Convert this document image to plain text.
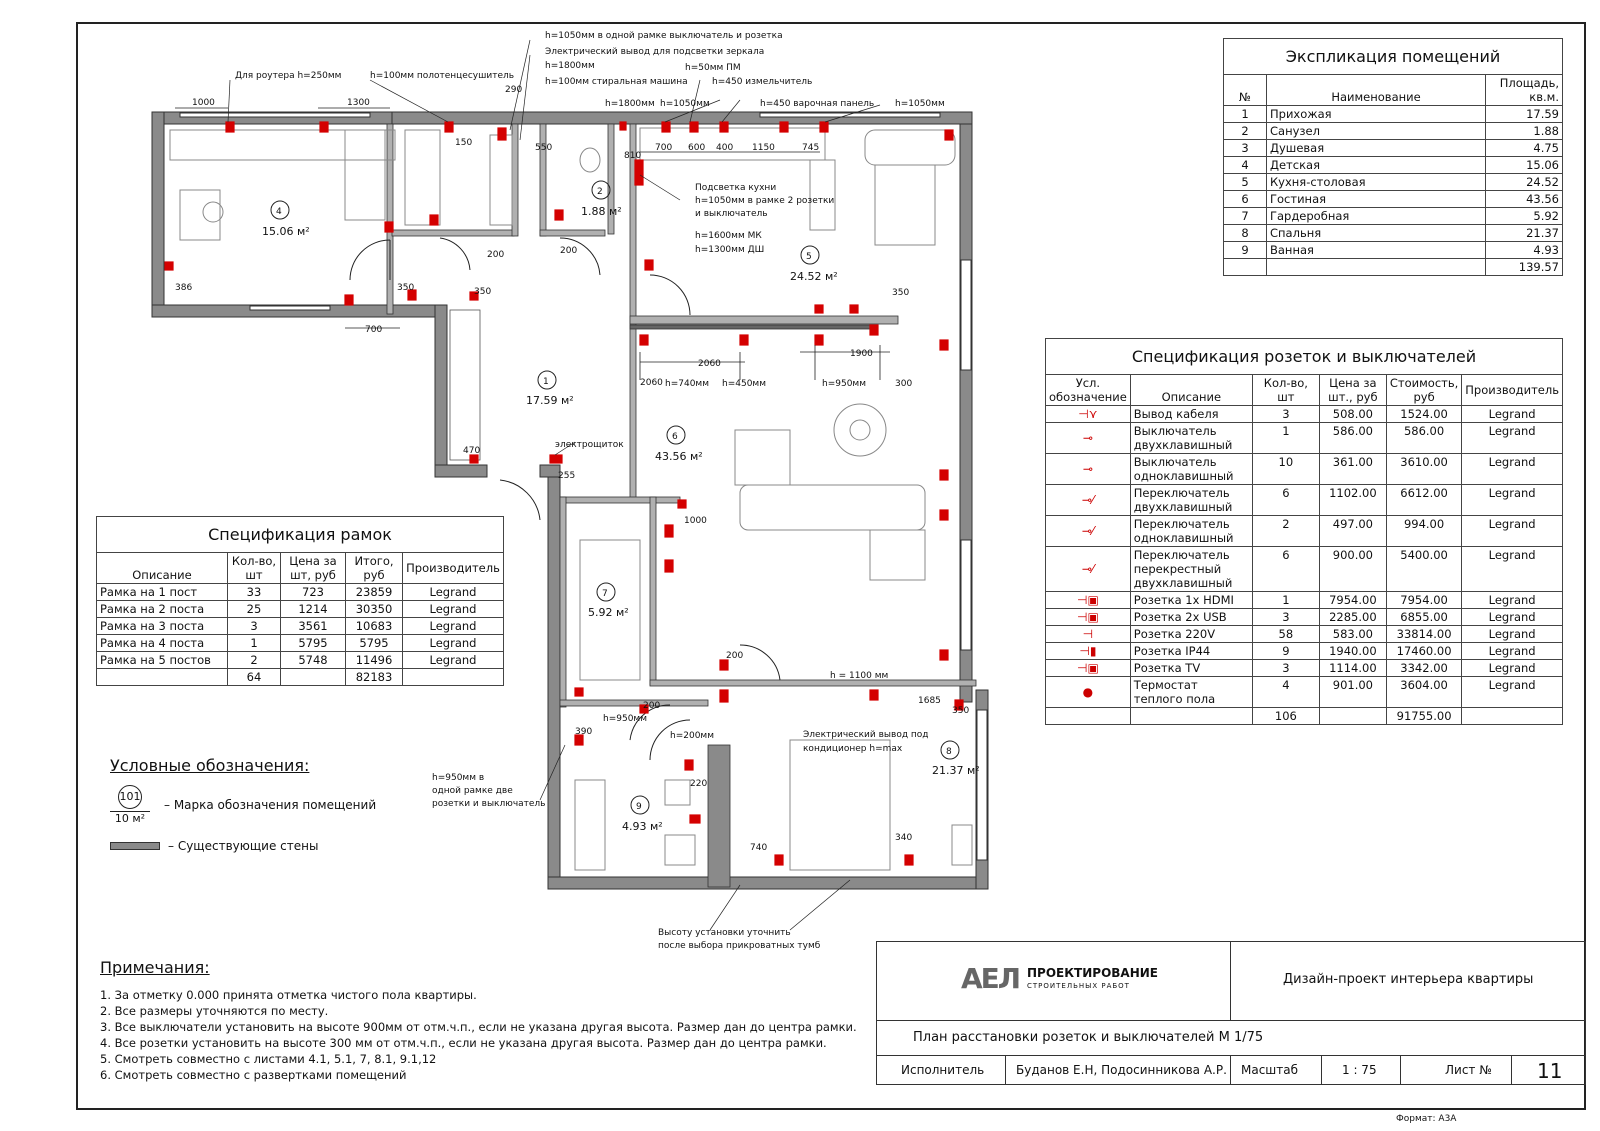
4
15.06 м²
2
1.88 м²
5
24.52 м²
1
17.59 м²
6
43.56 м²
7
5.92 м²
8
21.37 м²
9
4.93 м²
h=1050мм в одной рамке выключатель и розетка
Электрический вывод для подсветки зеркала
h=1800мм	h=50мм ПМ
h=100мм стиральная машина	h=450 измельчитель
Для роутера h=250мм	h=100мм полотенцесушитель
h=1800мм h=1050мм	h=450 варочная панель h=1050мм
Подсветка кухни
h=1050мм в рамке 2 розетки
и выключатель
h=1600мм МК
h=1300мм ДШ
h=740мм h=450мм	h=950мм
электрощиток
h = 1100 мм
h=950мм
h=200мм	Электрический вывод под
кондиционер h=max
h=950мм в
одной рамке две
розетки и выключатель
Высоту установки уточнить
после выбора прикроватных тумб
1000	1300
290
550
150	700 600 400 1150	745
810
200
386	350
700
350
200
2060
2060
1900
350
300
470
255
390
200
200
220
740
340
1685
350
1000
Экспликация помещений
№	Наименование	Площадь, кв.м.
1	Прихожая	17.59
2	Санузел	1.88
3	Душевая	4.75
4	Детская	15.06
5	Кухня-столовая	24.52
6	Гостиная	43.56
7	Гардеробная	5.92
8	Спальня	21.37
9	Ванная	4.93
		139.57
Спецификация розеток и выключателей
Усл. обозначение	Описание	Кол-во, шт	Цена за шт., руб	Стоимость, руб	Производитель
⊣⋎	Вывод кабеля	3	508.00	1524.00	Legrand
⊸	Выключатель двухклавишный	1	586.00	586.00	Legrand
⊸	Выключатель одноклавишный	10	361.00	3610.00	Legrand
⊸⁄	Переключатель двухклавишный	6	1102.00	6612.00	Legrand
⊸⁄	Переключатель одноклавишный	2	497.00	994.00	Legrand
⊸⁄	Переключатель перекрестный двухклавишный	6	900.00	5400.00	Legrand
⊣▣	Розетка 1х HDMI	1	7954.00	7954.00	Legrand
⊣▣	Розетка 2х USB	3	2285.00	6855.00	Legrand
⊣	Розетка 220V	58	583.00	33814.00	Legrand
⊣▮	Розетка IP44	9	1940.00	17460.00	Legrand
⊣▣	Розетка TV	3	1114.00	3342.00	Legrand
●	Термостат теплого пола	4	901.00	3604.00	Legrand
		106		91755.00	
Спецификация рамок
Описание	Кол-во, шт	Цена за шт, руб	Итого, руб	Производитель
Рамка на 1 пост	33	723	23859	Legrand
Рамка на 2 поста	25	1214	30350	Legrand
Рамка на 3 поста	3	3561	10683	Legrand
Рамка на 4 поста	1	5795	5795	Legrand
Рамка на 5 постов	2	5748	11496	Legrand
	64		82183	
Условные обозначения:
101
10 м²
– Марка обозначения помещений
– Существующие стены
Примечания:
1. За отметку 0.000 принята отметка чистого пола квартиры.
2. Все размеры уточняются по месту.
3. Все выключатели установить на высоте 900мм от отм.ч.п., если не указана другая высота. Размер дан до центра рамки.
4. Все розетки установить на высоте 300 мм от отм.ч.п., если не указана другая высота. Размер дан до центра рамки.
5. Смотреть совместно с листами 4.1, 5.1, 7, 8.1, 9.1,12
6. Смотреть совместно с развертками помещений
АЕЛ ПРОЕКТИРОВАНИЕ
СТРОИТЕЛЬНЫХ РАБОТ	Дизайн-проект интерьера квартиры
План расстановки розеток и выключателей М 1/75
Исполнитель	Буданов Е.Н, Подосинникова А.Р. Масштаб	1 : 75	Лист № 11
Формат: А3А
